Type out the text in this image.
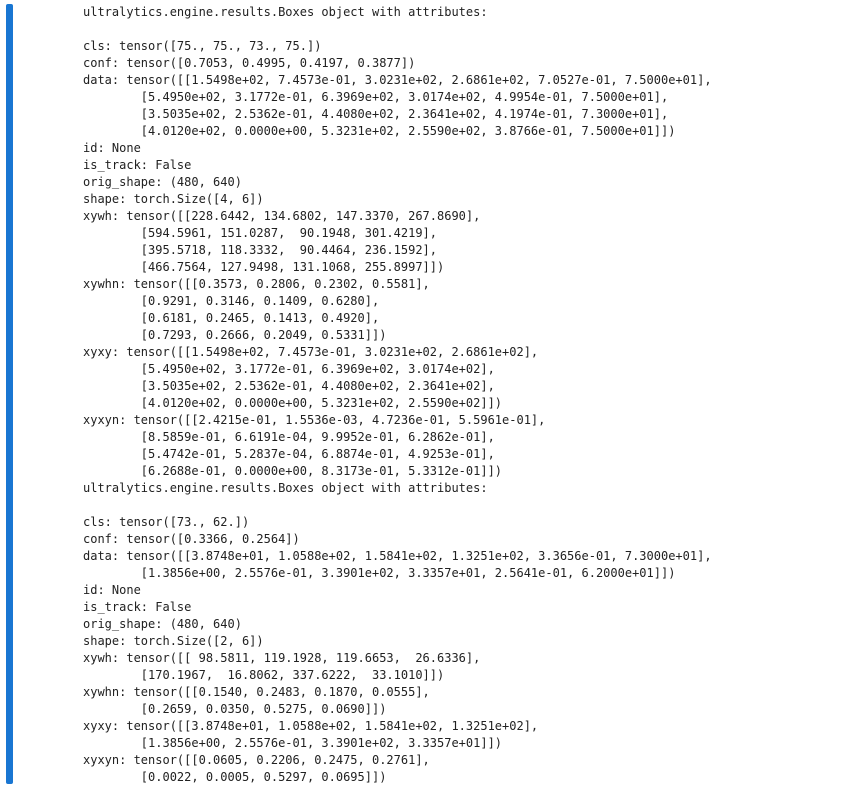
ultralytics.engine.results.Boxes object with attributes:
cls: tensor([75., 75., 73., 75.])
conf: tensor([0.7053, 0.4995, 0.4197, 0.3877])
data: tensor([[1.5498e+02, 7.4573e-01, 3.0231e+02, 2.6861e+02, 7.0527e-01, 7.5000e+01],
[5.4950e+02, 3.1772e-01, 6.3969e+02, 3.0174e+02, 4.9954e-01, 7.5000e+01],
[3.5035e+02, 2.5362e-01, 4.4080e+02, 2.3641e+02, 4.1974e-01, 7.3000e+01],
[4.0120e+02, 0.0000e+00, 5.3231e+02, 2.5590e+02, 3.8766e-01, 7.5000e+01]])
id: None
is_track: False
orig_shape: (480, 640)
shape: torch.Size([4, 6])
xywh: tensor([[228.6442, 134.6802, 147.3370, 267.8690],
[594.5961, 151.0287,  90.1948, 301.4219],
[395.5718, 118.3332,  90.4464, 236.1592],
[466.7564, 127.9498, 131.1068, 255.8997]])
xywhn: tensor([[0.3573, 0.2806, 0.2302, 0.5581],
[0.9291, 0.3146, 0.1409, 0.6280],
[0.6181, 0.2465, 0.1413, 0.4920],
[0.7293, 0.2666, 0.2049, 0.5331]])
xyxy: tensor([[1.5498e+02, 7.4573e-01, 3.0231e+02, 2.6861e+02],
[5.4950e+02, 3.1772e-01, 6.3969e+02, 3.0174e+02],
[3.5035e+02, 2.5362e-01, 4.4080e+02, 2.3641e+02],
[4.0120e+02, 0.0000e+00, 5.3231e+02, 2.5590e+02]])
xyxyn: tensor([[2.4215e-01, 1.5536e-03, 4.7236e-01, 5.5961e-01],
[8.5859e-01, 6.6191e-04, 9.9952e-01, 6.2862e-01],
[5.4742e-01, 5.2837e-04, 6.8874e-01, 4.9253e-01],
[6.2688e-01, 0.0000e+00, 8.3173e-01, 5.3312e-01]])
ultralytics.engine.results.Boxes object with attributes:
cls: tensor([73., 62.])
conf: tensor([0.3366, 0.2564])
data: tensor([[3.8748e+01, 1.0588e+02, 1.5841e+02, 1.3251e+02, 3.3656e-01, 7.3000e+01],
[1.3856e+00, 2.5576e-01, 3.3901e+02, 3.3357e+01, 2.5641e-01, 6.2000e+01]])
id: None
is_track: False
orig_shape: (480, 640)
shape: torch.Size([2, 6])
xywh: tensor([[ 98.5811, 119.1928, 119.6653,  26.6336],
[170.1967,  16.8062, 337.6222,  33.1010]])
xywhn: tensor([[0.1540, 0.2483, 0.1870, 0.0555],
[0.2659, 0.0350, 0.5275, 0.0690]])
xyxy: tensor([[3.8748e+01, 1.0588e+02, 1.5841e+02, 1.3251e+02],
[1.3856e+00, 2.5576e-01, 3.3901e+02, 3.3357e+01]])
xyxyn: tensor([[0.0605, 0.2206, 0.2475, 0.2761],
[0.0022, 0.0005, 0.5297, 0.0695]])
